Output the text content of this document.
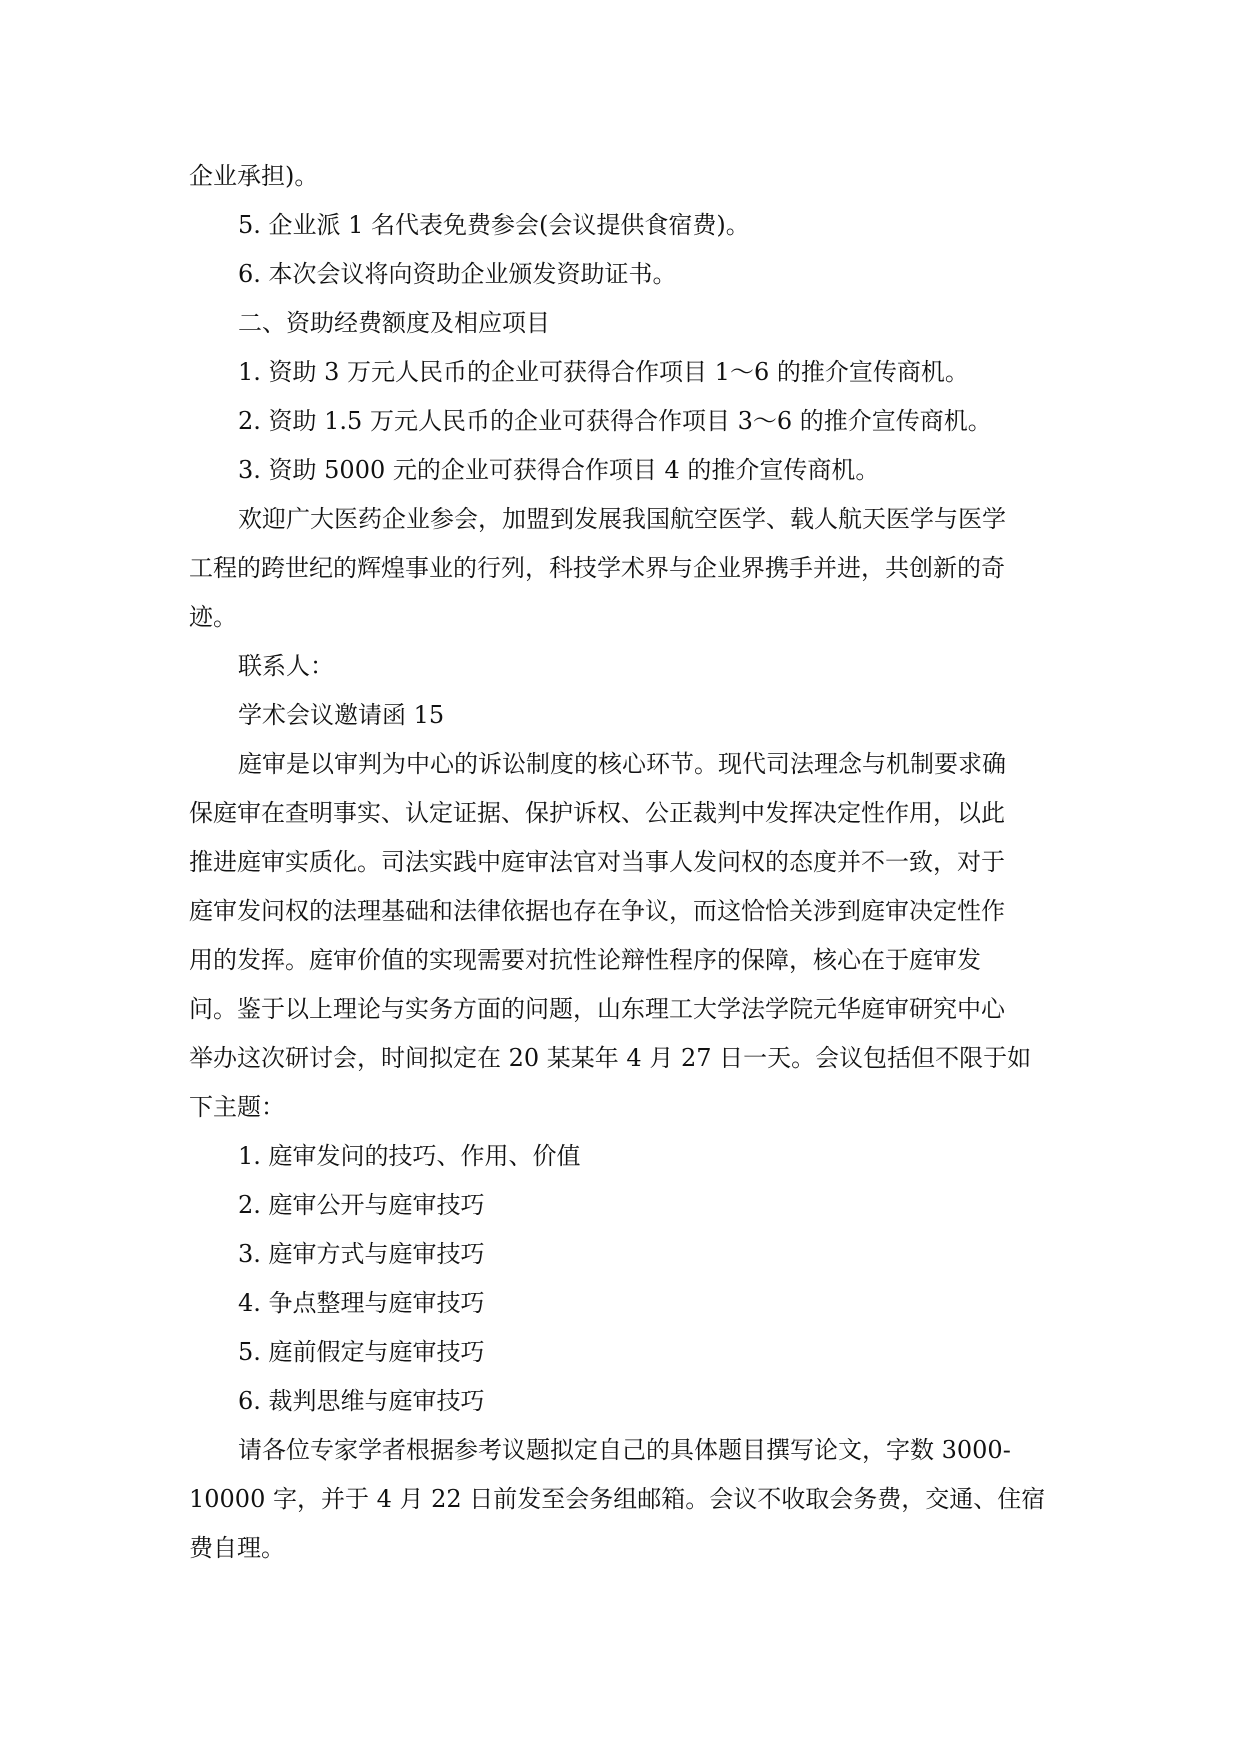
企业承担)。
5. 企业派 1 名代表免费参会(会议提供食宿费)。
6. 本次会议将向资助企业颁发资助证书。
二、资助经费额度及相应项目
1. 资助 3 万元人民币的企业可获得合作项目 1～6 的推介宣传商机。
2. 资助 1.5 万元人民币的企业可获得合作项目 3～6 的推介宣传商机。
3. 资助 5000 元的企业可获得合作项目 4 的推介宣传商机。
欢迎广大医药企业参会，加盟到发展我国航空医学、载人航天医学与医学
工程的跨世纪的辉煌事业的行列，科技学术界与企业界携手并进，共创新的奇
迹。
联系人：
学术会议邀请函 15
庭审是以审判为中心的诉讼制度的核心环节。现代司法理念与机制要求确
保庭审在查明事实、认定证据、保护诉权、公正裁判中发挥决定性作用，以此
推进庭审实质化。司法实践中庭审法官对当事人发问权的态度并不一致，对于
庭审发问权的法理基础和法律依据也存在争议，而这恰恰关涉到庭审决定性作
用的发挥。庭审价值的实现需要对抗性论辩性程序的保障，核心在于庭审发
问。鉴于以上理论与实务方面的问题，山东理工大学法学院元华庭审研究中心
举办这次研讨会，时间拟定在 20 某某年 4 月 27 日一天。会议包括但不限于如
下主题：
1. 庭审发问的技巧、作用、价值
2. 庭审公开与庭审技巧
3. 庭审方式与庭审技巧
4. 争点整理与庭审技巧
5. 庭前假定与庭审技巧
6. 裁判思维与庭审技巧
请各位专家学者根据参考议题拟定自己的具体题目撰写论文，字数 3000-
10000 字，并于 4 月 22 日前发至会务组邮箱。会议不收取会务费，交通、住宿
费自理。
